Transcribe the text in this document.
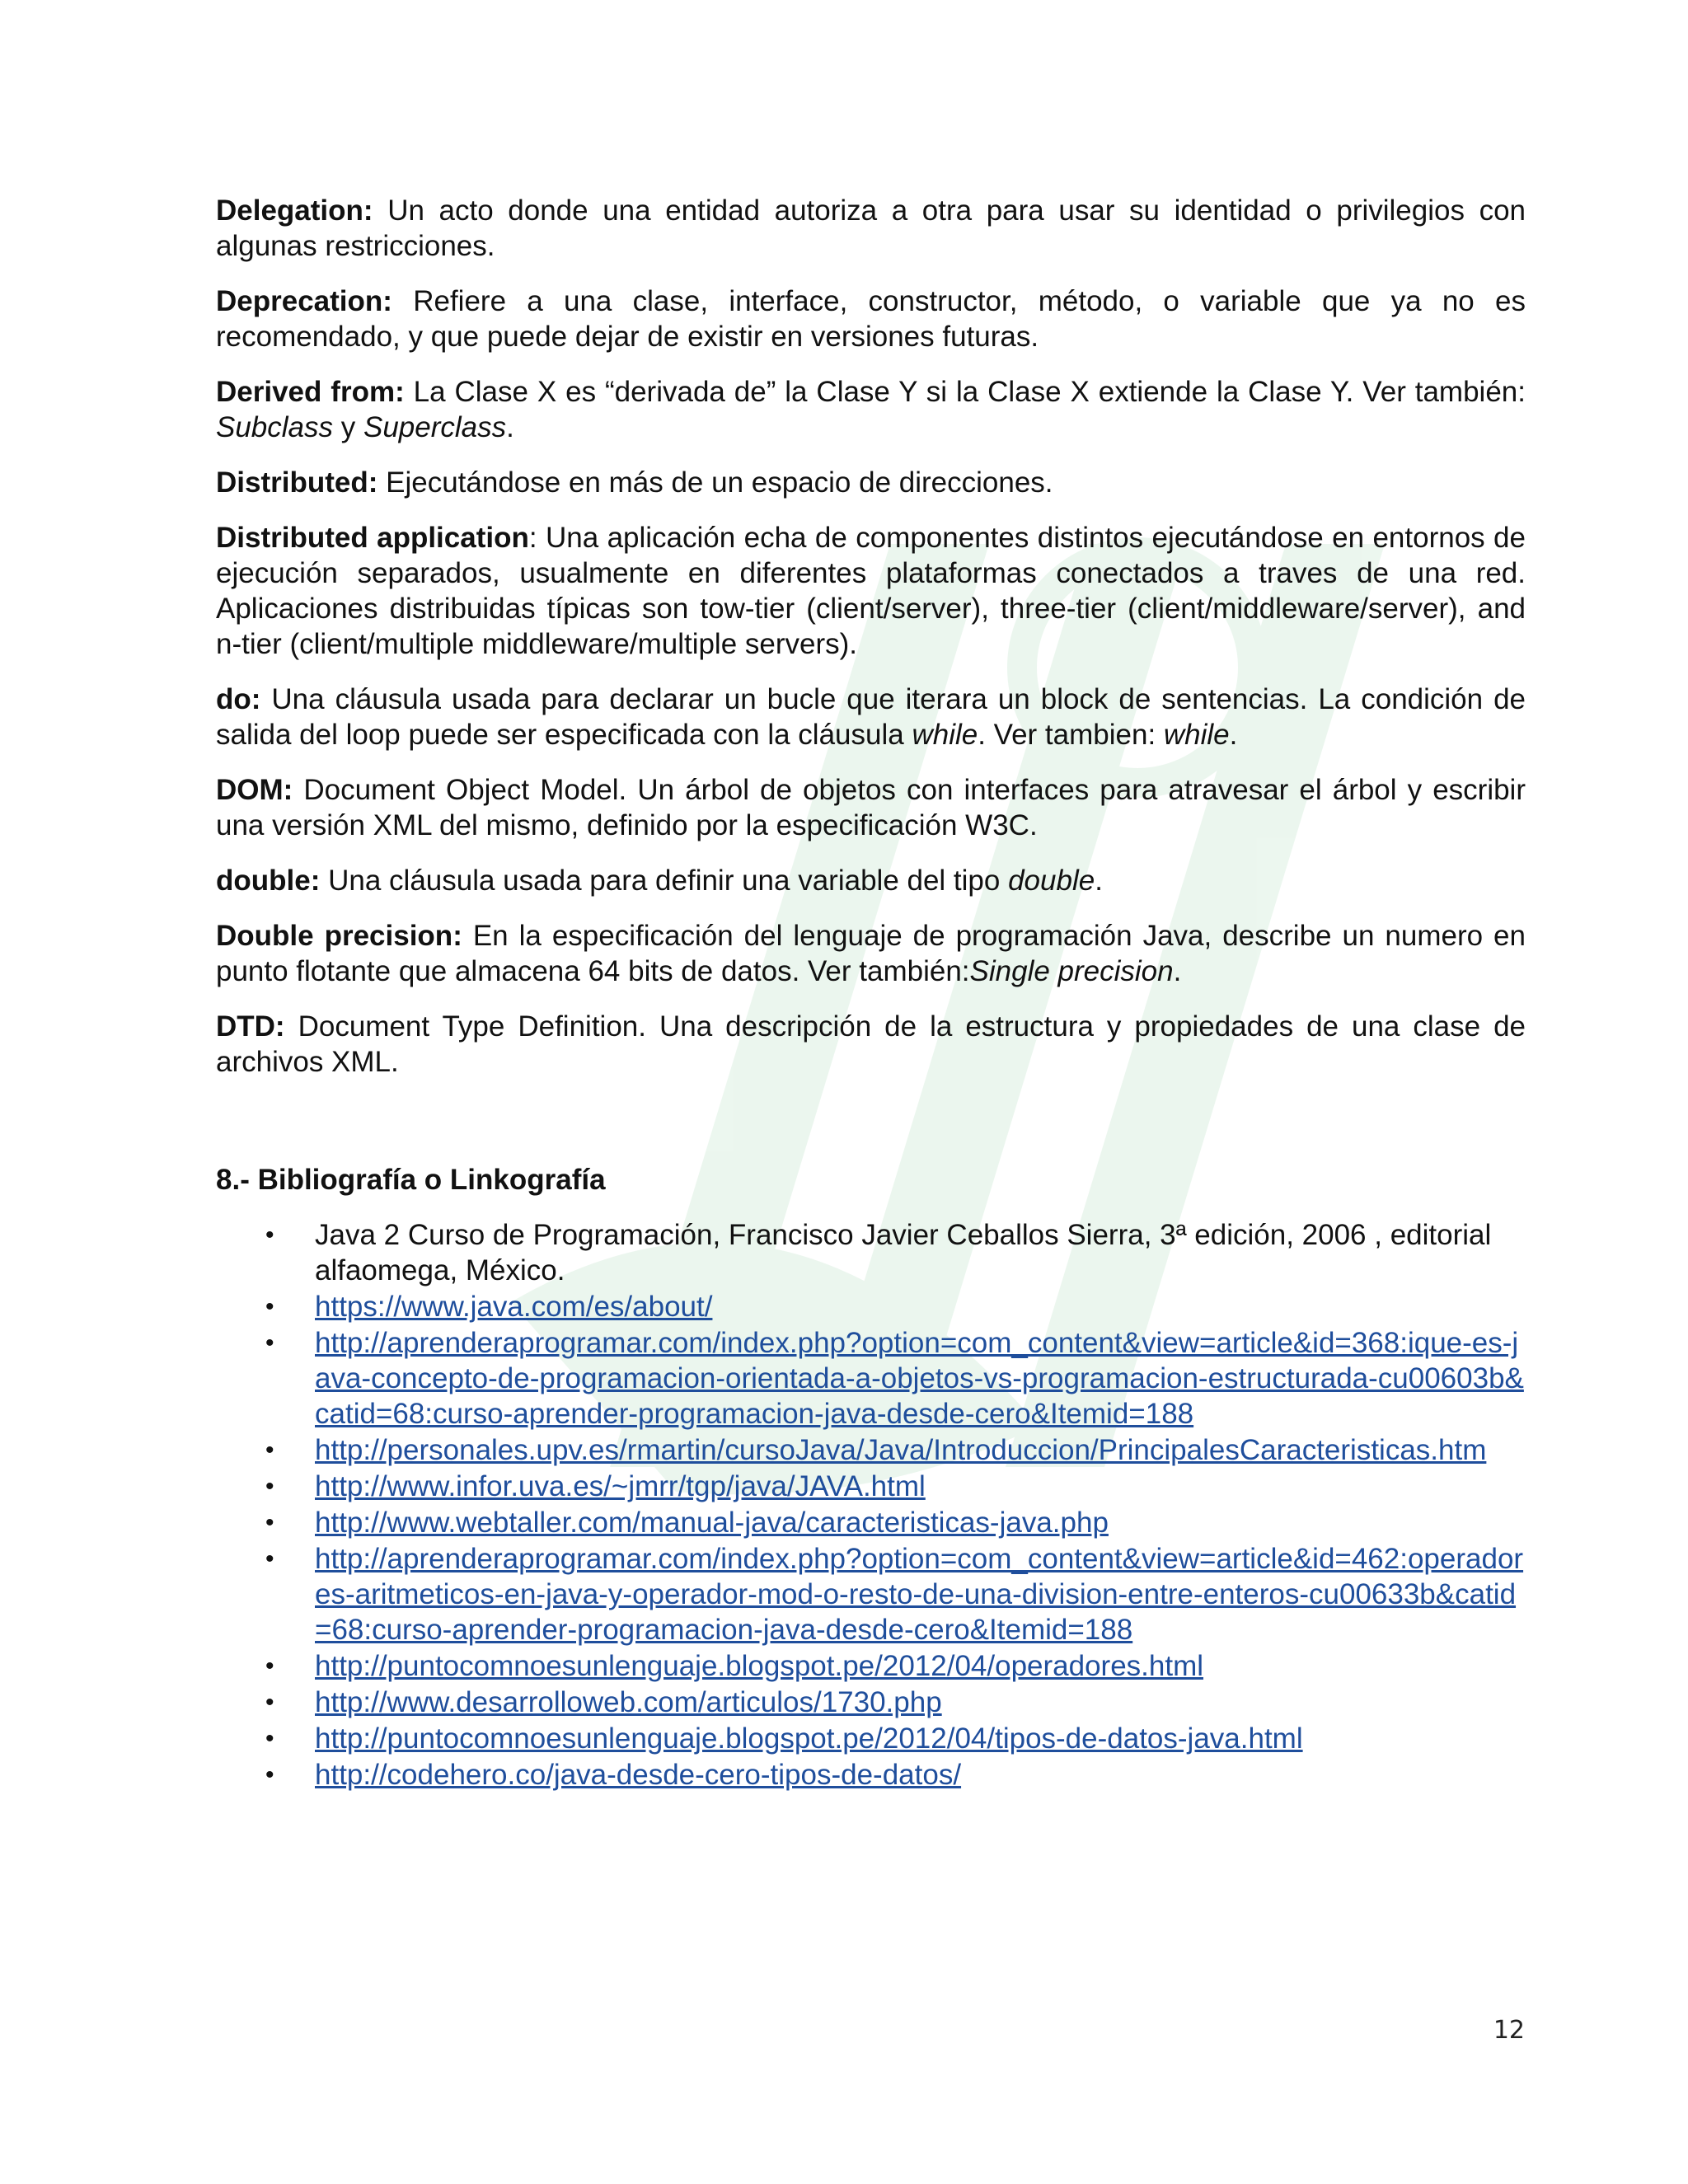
Delegation: Un acto donde una entidad autoriza a otra para usar su identidad o privilegios con algunas restricciones.

Deprecation: Refiere a una clase, interface, constructor, método, o variable que ya no es recomendado, y que puede dejar de existir en versiones futuras.

Derived from: La Clase X es “derivada de” la Clase Y si la Clase X extiende la Clase Y. Ver también: Subclass y Superclass.

Distributed: Ejecutándose en más de un espacio de direcciones.

Distributed application: Una aplicación echa de componentes distintos ejecutándose en entornos de ejecución separados, usualmente en diferentes plataformas conectados a traves de una red. Aplicaciones distribuidas típicas son tow-tier (client/server), three-tier (client/middleware/server), and n-tier (client/multiple middleware/multiple servers).

do: Una cláusula usada para declarar un bucle que iterara un block de sentencias. La condición de salida del loop puede ser especificada con la cláusula while. Ver tambien: while.

DOM: Document Object Model. Un árbol de objetos con interfaces para atravesar el árbol y escribir una versión XML del mismo, definido por la especificación W3C.

double: Una cláusula usada para definir una variable del tipo double.

Double precision: En la especificación del lenguaje de programación Java, describe un numero en punto flotante que almacena 64 bits de datos. Ver también:Single precision.

DTD: Document Type Definition. Una descripción de la estructura y propiedades de una clase de archivos XML.

8.- Bibliografía o Linkografía
• Java 2 Curso de Programación, Francisco Javier Ceballos Sierra, 3ª edición, 2006 , editorial alfaomega, México.
• https://www.java.com/es/about/
• http://aprenderaprogramar.com/index.php?option=com_content&view=article&id=368:ique-es-java-concepto-de-programacion-orientada-a-objetos-vs-programacion-estructurada-cu00603b&catid=68:curso-aprender-programacion-java-desde-cero&Itemid=188
• http://personales.upv.es/rmartin/cursoJava/Java/Introduccion/PrincipalesCaracteristicas.htm
• http://www.infor.uva.es/~jmrr/tgp/java/JAVA.html
• http://www.webtaller.com/manual-java/caracteristicas-java.php
• http://aprenderaprogramar.com/index.php?option=com_content&view=article&id=462:operadores-aritmeticos-en-java-y-operador-mod-o-resto-de-una-division-entre-enteros-cu00633b&catid=68:curso-aprender-programacion-java-desde-cero&Itemid=188
• http://puntocomnoesunlenguaje.blogspot.pe/2012/04/operadores.html
• http://www.desarrolloweb.com/articulos/1730.php
• http://puntocomnoesunlenguaje.blogspot.pe/2012/04/tipos-de-datos-java.html
• http://codehero.co/java-desde-cero-tipos-de-datos/
12
